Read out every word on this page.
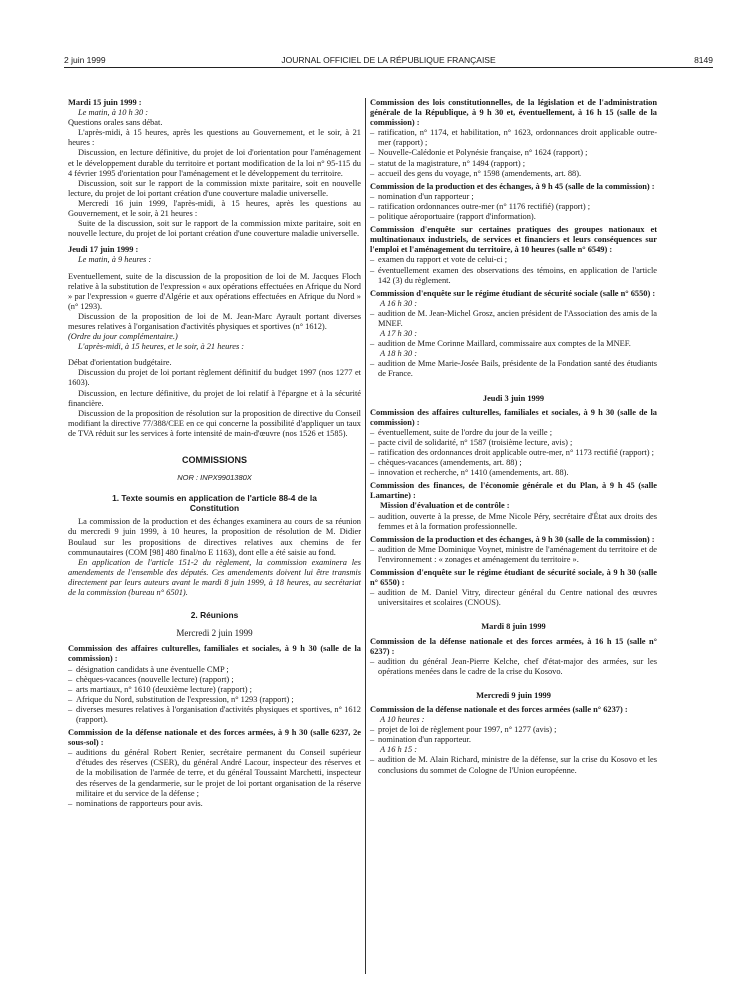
2 juin 1999	JOURNAL OFFICIEL DE LA RÉPUBLIQUE FRANÇAISE	8149

Mardi 15 juin 1999 :

Le matin, à 10 h 30 :

Questions orales sans débat.

L'après-midi, à 15 heures, après les questions au Gouvernement, et le soir, à 21 heures :

Discussion, en lecture définitive, du projet de loi d'orientation pour l'aménagement et le développement durable du territoire et portant modification de la loi n° 95-115 du 4 février 1995 d'orientation pour l'aménagement et le développement du territoire.

Discussion, soit sur le rapport de la commission mixte paritaire, soit en nouvelle lecture, du projet de loi portant création d'une couverture maladie universelle.

Mercredi 16 juin 1999, l'après-midi, à 15 heures, après les questions au Gouvernement, et le soir, à 21 heures :

Suite de la discussion, soit sur le rapport de la commission mixte paritaire, soit en nouvelle lecture, du projet de loi portant création d'une couverture maladie universelle.

Jeudi 17 juin 1999 :

Le matin, à 9 heures :

Eventuellement, suite de la discussion de la proposition de loi de M. Jacques Floch relative à la substitution de l'expression « aux opérations effectuées en Afrique du Nord » par l'expression « guerre d'Algérie et aux opérations effectuées en Afrique du Nord » (n° 1293).

Discussion de la proposition de loi de M. Jean-Marc Ayrault portant diverses mesures relatives à l'organisation d'activités physiques et sportives (n° 1612).

(Ordre du jour complémentaire.)

L'après-midi, à 15 heures, et le soir, à 21 heures :

Débat d'orientation budgétaire.

Discussion du projet de loi portant règlement définitif du budget 1997 (nos 1277 et 1603).

Discussion, en lecture définitive, du projet de loi relatif à l'épargne et à la sécurité financière.

Discussion de la proposition de résolution sur la proposition de directive du Conseil modifiant la directive 77/388/CEE en ce qui concerne la possibilité d'appliquer un taux de TVA réduit sur les services à forte intensité de main-d'œuvre (nos 1526 et 1585).

COMMISSIONS

NOR : INPX9901380X

1. Texte soumis en application de l'article 88-4 de la Constitution

La commission de la production et des échanges examinera au cours de sa réunion du mercredi 9 juin 1999, à 10 heures, la proposition de résolution de M. Didier Boulaud sur les propositions de directives relatives aux chemins de fer communautaires (COM [98] 480 final/no E 1163), dont elle a été saisie au fond.

En application de l'article 151-2 du règlement, la commission examinera les amendements de l'ensemble des députés. Ces amendements doivent lui être transmis directement par leurs auteurs avant le mardi 8 juin 1999, à 18 heures, au secrétariat de la commission (bureau n° 6501).

2. Réunions

Mercredi 2 juin 1999

Commission des affaires culturelles, familiales et sociales, à 9 h 30 (salle de la commission) :

– désignation candidats à une éventuelle CMP ;
– chèques-vacances (nouvelle lecture) (rapport) ;
– arts martiaux, n° 1610 (deuxième lecture) (rapport) ;
– Afrique du Nord, substitution de l'expression, n° 1293 (rapport) ;
– diverses mesures relatives à l'organisation d'activités physiques et sportives, n° 1612 (rapport).

Commission de la défense nationale et des forces armées, à 9 h 30 (salle 6237, 2e sous-sol) :

– auditions du général Robert Renier, secrétaire permanent du Conseil supérieur d'études des réserves (CSER), du général André Lacour, inspecteur des réserves et de la mobilisation de l'armée de terre, et du général Toussaint Marchetti, inspecteur des réserves de la gendarmerie, sur le projet de loi portant organisation de la réserve militaire et du service de la défense ;
– nominations de rapporteurs pour avis.

Commission des lois constitutionnelles, de la législation et de l'administration générale de la République, à 9 h 30 et, éventuellement, à 16 h 15 (salle de la commission) :

– ratification, n° 1174, et habilitation, n° 1623, ordonnances droit applicable outre-mer (rapport) ;
– Nouvelle-Calédonie et Polynésie française, n° 1624 (rapport) ;
– statut de la magistrature, n° 1494 (rapport) ;
– accueil des gens du voyage, n° 1598 (amendements, art. 88).

Commission de la production et des échanges, à 9 h 45 (salle de la commission) :

– nomination d'un rapporteur ;
– ratification ordonnances outre-mer (n° 1176 rectifié) (rapport) ;
– politique aéroportuaire (rapport d'information).

Commission d'enquête sur certaines pratiques des groupes nationaux et multinationaux industriels, de services et financiers et leurs conséquences sur l'emploi et l'aménagement du territoire, à 10 heures (salle n° 6549) :

– examen du rapport et vote de celui-ci ;
– éventuellement examen des observations des témoins, en application de l'article 142 (3) du règlement.

Commission d'enquête sur le régime étudiant de sécurité sociale (salle n° 6550) :

A 16 h 30 :

– audition de M. Jean-Michel Grosz, ancien président de l'Association des amis de la MNEF.

A 17 h 30 :

– audition de Mme Corinne Maillard, commissaire aux comptes de la MNEF.

A 18 h 30 :

– audition de Mme Marie-Josée Bails, présidente de la Fondation santé des étudiants de France.

Jeudi 3 juin 1999

Commission des affaires culturelles, familiales et sociales, à 9 h 30 (salle de la commission) :

– éventuellement, suite de l'ordre du jour de la veille ;
– pacte civil de solidarité, n° 1587 (troisième lecture, avis) ;
– ratification des ordonnances droit applicable outre-mer, n° 1173 rectifié (rapport) ;
– chèques-vacances (amendements, art. 88) ;
– innovation et recherche, n° 1410 (amendements, art. 88).

Commission des finances, de l'économie générale et du Plan, à 9 h 45 (salle Lamartine) :

Mission d'évaluation et de contrôle :

– audition, ouverte à la presse, de Mme Nicole Péry, secrétaire d'État aux droits des femmes et à la formation professionnelle.

Commission de la production et des échanges, à 9 h 30 (salle de la commission) :

– audition de Mme Dominique Voynet, ministre de l'aménagement du territoire et de l'environnement : « zonages et aménagement du territoire ».

Commission d'enquête sur le régime étudiant de sécurité sociale, à 9 h 30 (salle n° 6550) :

– audition de M. Daniel Vitry, directeur général du Centre national des œuvres universitaires et scolaires (CNOUS).

Mardi 8 juin 1999

Commission de la défense nationale et des forces armées, à 16 h 15 (salle n° 6237) :

– audition du général Jean-Pierre Kelche, chef d'état-major des armées, sur les opérations menées dans le cadre de la crise du Kosovo.

Mercredi 9 juin 1999

Commission de la défense nationale et des forces armées (salle n° 6237) :

A 10 heures :

– projet de loi de règlement pour 1997, n° 1277 (avis) ;
– nomination d'un rapporteur.

A 16 h 15 :

– audition de M. Alain Richard, ministre de la défense, sur la crise du Kosovo et les conclusions du sommet de Cologne de l'Union européenne.
